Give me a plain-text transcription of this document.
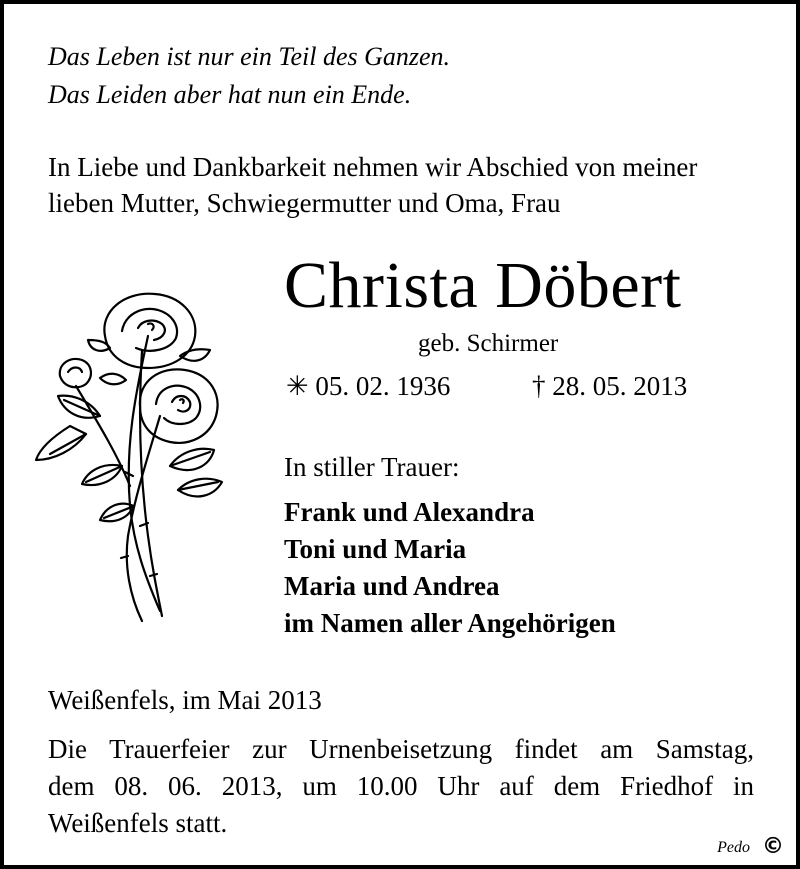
Das Leben ist nur ein Teil des Ganzen.
Das Leiden aber hat nun ein Ende.
In Liebe und Dankbarkeit nehmen wir Abschied von meiner
lieben Mutter, Schwiegermutter und Oma, Frau
Christa Döbert
geb. Schirmer
✳ 05. 02. 1936	† 28. 05. 2013
In stiller Trauer:
Frank und Alexandra
Toni und Maria
Maria und Andrea
im Namen aller Angehörigen
Weißenfels, im Mai 2013
Die Trauerfeier zur Urnenbeisetzung findet am Samstag,
dem 08. 06. 2013, um 10.00 Uhr auf dem Friedhof in
Weißenfels statt.
Pedo ©
